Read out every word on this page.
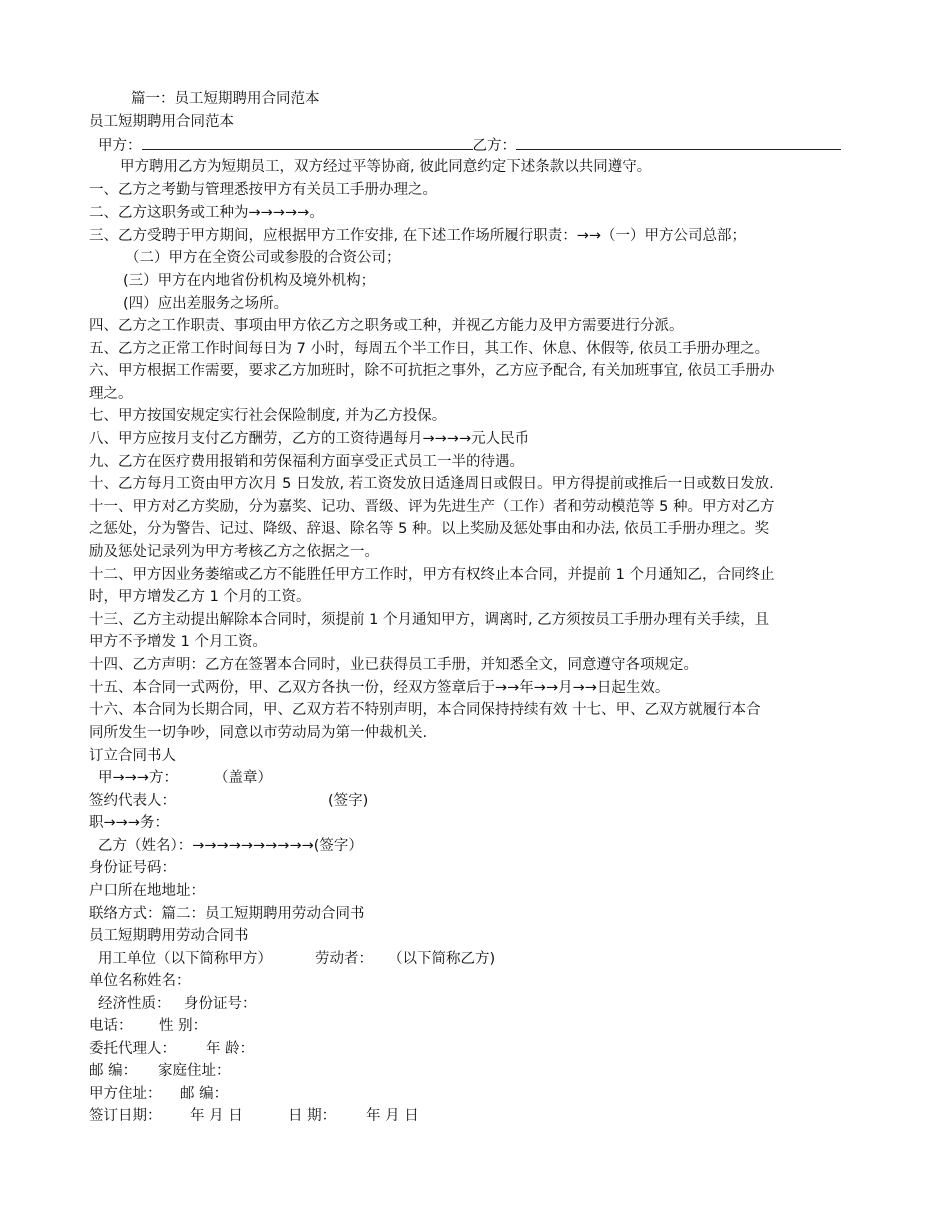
篇一：员工短期聘用合同范本
员工短期聘用合同范本
甲方：	乙方：
甲方聘用乙方为短期员工，双方经过平等协商, 彼此同意约定下述条款以共同遵守。
一、乙方之考勤与管理悉按甲方有关员工手册办理之。
二、乙方这职务或工种为→→→→→。
三、乙方受聘于甲方期间，应根据甲方工作安排, 在下述工作场所履行职责：→→（一）甲方公司总部；
（二）甲方在全资公司或参股的合资公司；
(三）甲方在内地省份机构及境外机构；
(四）应出差服务之场所。
四、乙方之工作职责、事项由甲方依乙方之职务或工种，并视乙方能力及甲方需要进行分派。
五、乙方之正常工作时间每日为 7 小时，每周五个半工作日，其工作、休息、休假等, 依员工手册办理之。
六、甲方根据工作需要，要求乙方加班时，除不可抗拒之事外，乙方应予配合, 有关加班事宜, 依员工手册办
理之。
七、甲方按国安规定实行社会保险制度, 并为乙方投保。
八、甲方应按月支付乙方酬劳，乙方的工资待遇每月→→→→元人民币
九、乙方在医疗费用报销和劳保福利方面享受正式员工一半的待遇。
十、乙方每月工资由甲方次月 5 日发放, 若工资发放日适逢周日或假日。甲方得提前或推后一日或数日发放.
十一、甲方对乙方奖励，分为嘉奖、记功、晋级、评为先进生产（工作）者和劳动模范等 5 种。甲方对乙方
之惩处，分为警告、记过、降级、辞退、除名等 5 种。以上奖励及惩处事由和办法, 依员工手册办理之。奖
励及惩处记录列为甲方考核乙方之依据之一。
十二、甲方因业务萎缩或乙方不能胜任甲方工作时，甲方有权终止本合同，并提前 1 个月通知乙，合同终止
时，甲方增发乙方 1 个月的工资。
十三、乙方主动提出解除本合同时，须提前 1 个月通知甲方，调离时, 乙方须按员工手册办理有关手续，且
甲方不予增发 1 个月工资。
十四、乙方声明：乙方在签署本合同时，业已获得员工手册，并知悉全文，同意遵守各项规定。
十五、本合同一式两份，甲、乙双方各执一份，经双方签章后于→→年→→月→→日起生效。
十六、本合同为长期合同，甲、乙双方若不特别声明，本合同保持持续有效 十七、甲、乙双方就履行本合
同所发生一切争吵，同意以市劳动局为第一仲裁机关.
订立合同书人
甲→→→方： （盖章）
签约代表人：	(签字)
职→→→务：
乙方（姓名）：→→→→→→→→→→(签字）
身份证号码：
户口所在地地址：
联络方式：篇二：员工短期聘用劳动合同书
员工短期聘用劳动合同书
用工单位（以下简称甲方）	劳动者： （以下简称乙方)
单位名称姓名：
经济性质： 身份证号：
电话： 性 别：
委托代理人： 年 龄：
邮 编： 家庭住址：
甲方住址： 邮 编：
签订日期： 年 月 日	日 期： 年 月 日
